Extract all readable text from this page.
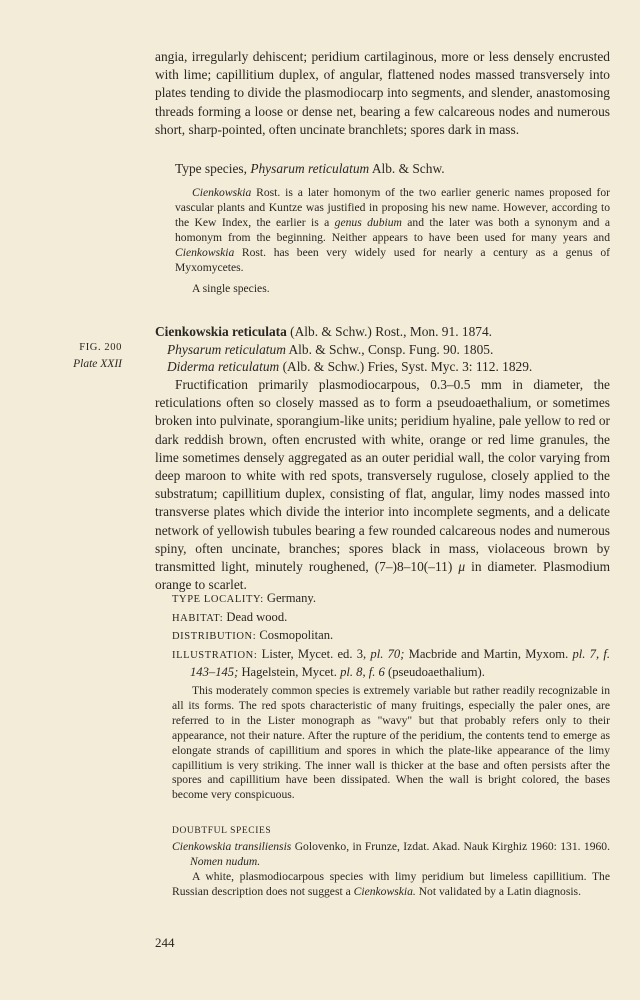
angia, irregularly dehiscent; peridium cartilaginous, more or less densely encrusted with lime; capillitium duplex, of angular, flattened nodes massed transversely into plates tending to divide the plasmodiocarp into segments, and slender, anastomosing threads forming a loose or dense net, bearing a few calcareous nodes and numerous short, sharp-pointed, often uncinate branchlets; spores dark in mass.

Type species, Physarum reticulatum Alb. & Schw.

Cienkowskia Rost. is a later homonym of the two earlier generic names proposed for vascular plants and Kuntze was justified in proposing his new name. However, according to the Kew Index, the earlier is a genus dubium and the later was both a synonym and a homonym from the beginning. Neither appears to have been used for many years and Cienkowskia Rost. has been very widely used for nearly a century as a genus of Myxomycetes.

A single species.

FIG. 200
Plate XXII
Cienkowskia reticulata (Alb. & Schw.) Rost., Mon. 91. 1874.
Physarum reticulatum Alb. & Schw., Consp. Fung. 90. 1805.
Diderma reticulatum (Alb. & Schw.) Fries, Syst. Myc. 3: 112. 1829.

Fructification primarily plasmodiocarpous, 0.3–0.5 mm in diameter, the reticulations often so closely massed as to form a pseudoaethalium, or sometimes broken into pulvinate, sporangium-like units; peridium hyaline, pale yellow to red or dark reddish brown, often encrusted with white, orange or red lime granules, the lime sometimes densely aggregated as an outer peridial wall, the color varying from deep maroon to white with red spots, transversely rugulose, closely applied to the substratum; capillitium duplex, consisting of flat, angular, limy nodes massed into transverse plates which divide the interior into incomplete segments, and a delicate network of yellowish tubules bearing a few rounded calcareous nodes and numerous spiny, often uncinate, branches; spores black in mass, violaceous brown by transmitted light, minutely roughened, (7–)8–10(–11) μ in diameter. Plasmodium orange to scarlet.

TYPE LOCALITY: Germany.
HABITAT: Dead wood.
DISTRIBUTION: Cosmopolitan.
ILLUSTRATION: Lister, Mycet. ed. 3, pl. 70; Macbride and Martin, Myxom. pl. 7, f. 143–145; Hagelstein, Mycet. pl. 8, f. 6 (pseudoaethalium).

This moderately common species is extremely variable but rather readily recognizable in all its forms. The red spots characteristic of many fruitings, especially the paler ones, are referred to in the Lister monograph as "wavy" but that probably refers only to their appearance, not their nature. After the rupture of the peridium, the contents tend to emerge as elongate strands of capillitium and spores in which the plate-like appearance of the limy capillitium is very striking. The inner wall is thicker at the base and often persists after the spores and capillitium have been dissipated. When the wall is bright colored, the bases become very conspicuous.

DOUBTFUL SPECIES

Cienkowskia transiliensis Golovenko, in Frunze, Izdat. Akad. Nauk Kirghiz 1960: 131. 1960. Nomen nudum.

A white, plasmodiocarpous species with limy peridium but limeless capillitium. The Russian description does not suggest a Cienkowskia. Not validated by a Latin diagnosis.

244
